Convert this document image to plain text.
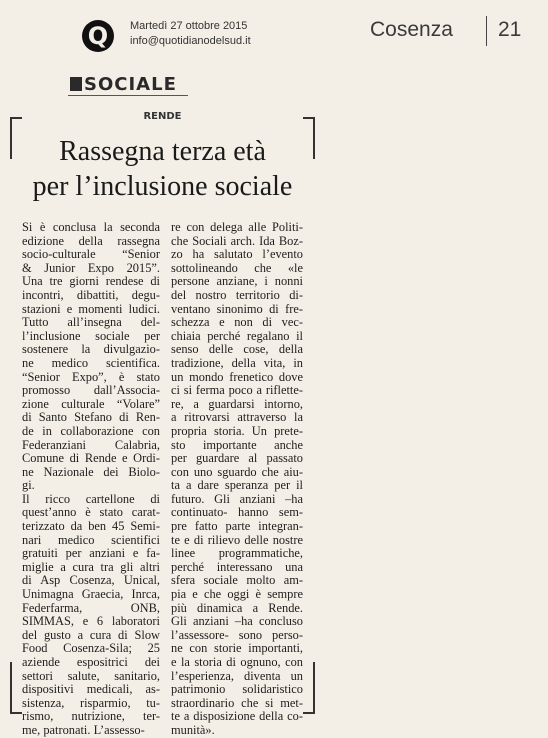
Q	Martedì 27 ottobre 2015
info@quotidianodelsud.it	Cosenza 21
SOCIALE
RENDE
Rassegna terza età
per l’inclusione sociale
Si è conclusa la seconda
edizione della rassegna
socio-culturale “Senior
& Junior Expo 2015”.
Una tre giorni rendese di
incontri, dibattiti, degu-
stazioni e momenti ludici.
Tutto all’insegna del-
l’inclusione sociale per
sostenere la divulgazio-
ne medico scientifica.
“Senior Expo”, è stato
promosso dall’Associa-
zione culturale “Volare”
di Santo Stefano di Ren-
de in collaborazione con
Federanziani Calabria,
Comune di Rende e Ordi-
ne Nazionale dei Biolo-
gi.
Il ricco cartellone di
quest’anno è stato carat-
terizzato da ben 45 Semi-
nari medico scientifici
gratuiti per anziani e fa-
miglie a cura tra gli altri
di Asp Cosenza, Unical,
Unimagna Graecia, Inrca,
Federfarma, ONB,
SIMMAS, e 6 laboratori
del gusto a cura di Slow
Food Cosenza-Sila; 25
aziende espositrici dei
settori salute, sanitario,
dispositivi medicali, as-
sistenza, risparmio, tu-
rismo, nutrizione, ter-
me, patronati. L’assesso-
re con delega alle Politi-
che Sociali arch. Ida Boz-
zo ha salutato l’evento
sottolineando che «le
persone anziane, i nonni
del nostro territorio di-
ventano sinonimo di fre-
schezza e non di vec-
chiaia perché regalano il
senso delle cose, della
tradizione, della vita, in
un mondo frenetico dove
ci si ferma poco a riflette-
re, a guardarsi intorno,
a ritrovarsi attraverso la
propria storia. Un prete-
sto importante anche
per guardare al passato
con uno sguardo che aiu-
ta a dare speranza per il
futuro. Gli anziani –ha
continuato- hanno sem-
pre fatto parte integran-
te e di rilievo delle nostre
linee programmatiche,
perché interessano una
sfera sociale molto am-
pia e che oggi è sempre
più dinamica a Rende.
Gli anziani –ha concluso
l’assessore- sono perso-
ne con storie importanti,
e la storia di ognuno, con
l’esperienza, diventa un
patrimonio solidaristico
straordinario che si met-
te a disposizione della co-
munità».
